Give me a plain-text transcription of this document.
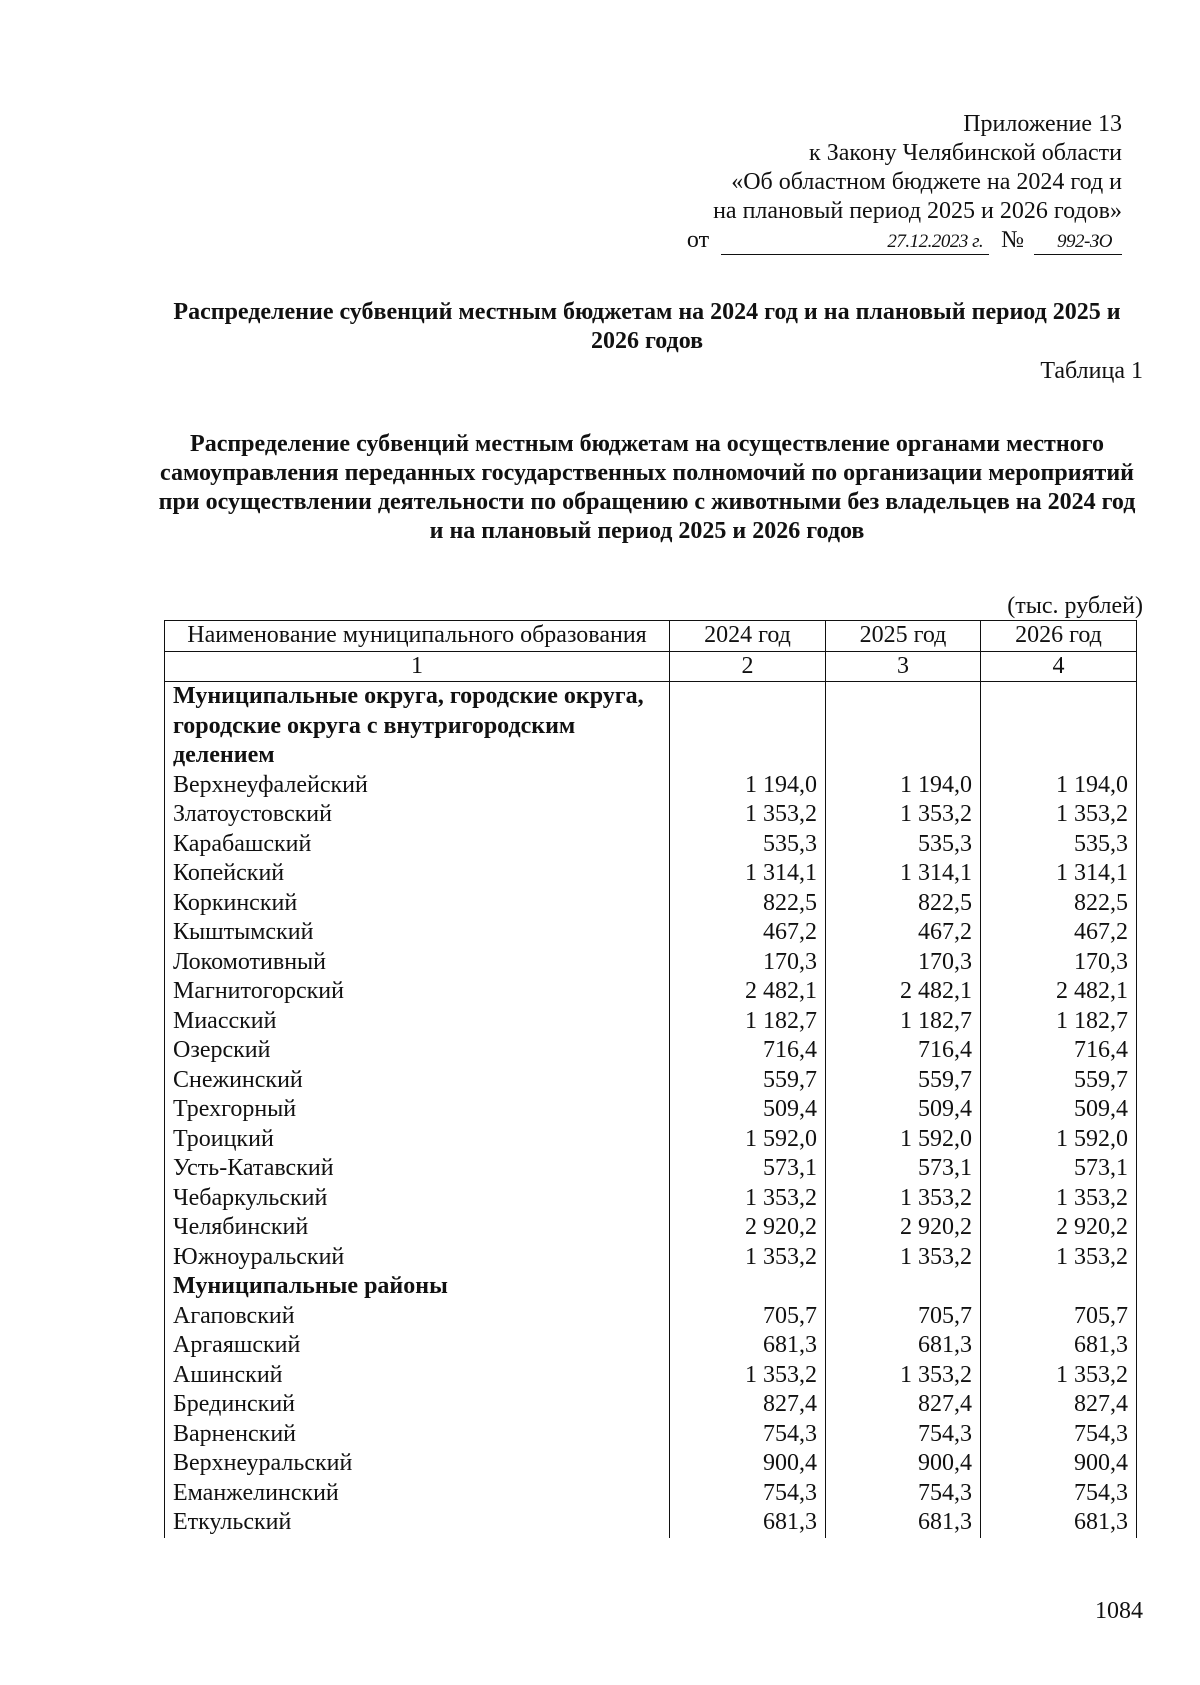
Приложение 13
к Закону Челябинской области
«Об областном бюджете на 2024 год и
на плановый период 2025 и 2026 годов»
от	27.12.2023 г. № 992-ЗО
Распределение субвенций местным бюджетам на 2024 год и на плановый период 2025 и 2026 годов
Таблица 1
Распределение субвенций местным бюджетам на осуществление органами местного самоуправления переданных государственных полномочий по организации мероприятий при осуществлении деятельности по обращению с животными без владельцев на 2024 год и на плановый период 2025 и 2026 годов
(тыс. рублей)
Наименование муниципального образования	2024 год	2025 год	2026 год
1	2	3	4
Муниципальные округа, городские округа, городские округа с внутригородским делением			
Верхнеуфалейский	1 194,0	1 194,0	1 194,0
Златоустовский	1 353,2	1 353,2	1 353,2
Карабашский	535,3	535,3	535,3
Копейский	1 314,1	1 314,1	1 314,1
Коркинский	822,5	822,5	822,5
Кыштымский	467,2	467,2	467,2
Локомотивный	170,3	170,3	170,3
Магнитогорский	2 482,1	2 482,1	2 482,1
Миасский	1 182,7	1 182,7	1 182,7
Озерский	716,4	716,4	716,4
Снежинский	559,7	559,7	559,7
Трехгорный	509,4	509,4	509,4
Троицкий	1 592,0	1 592,0	1 592,0
Усть-Катавский	573,1	573,1	573,1
Чебаркульский	1 353,2	1 353,2	1 353,2
Челябинский	2 920,2	2 920,2	2 920,2
Южноуральский	1 353,2	1 353,2	1 353,2
Муниципальные районы			
Агаповский	705,7	705,7	705,7
Аргаяшский	681,3	681,3	681,3
Ашинский	1 353,2	1 353,2	1 353,2
Брединский	827,4	827,4	827,4
Варненский	754,3	754,3	754,3
Верхнеуральский	900,4	900,4	900,4
Еманжелинский	754,3	754,3	754,3
Еткульский	681,3	681,3	681,3
1084
